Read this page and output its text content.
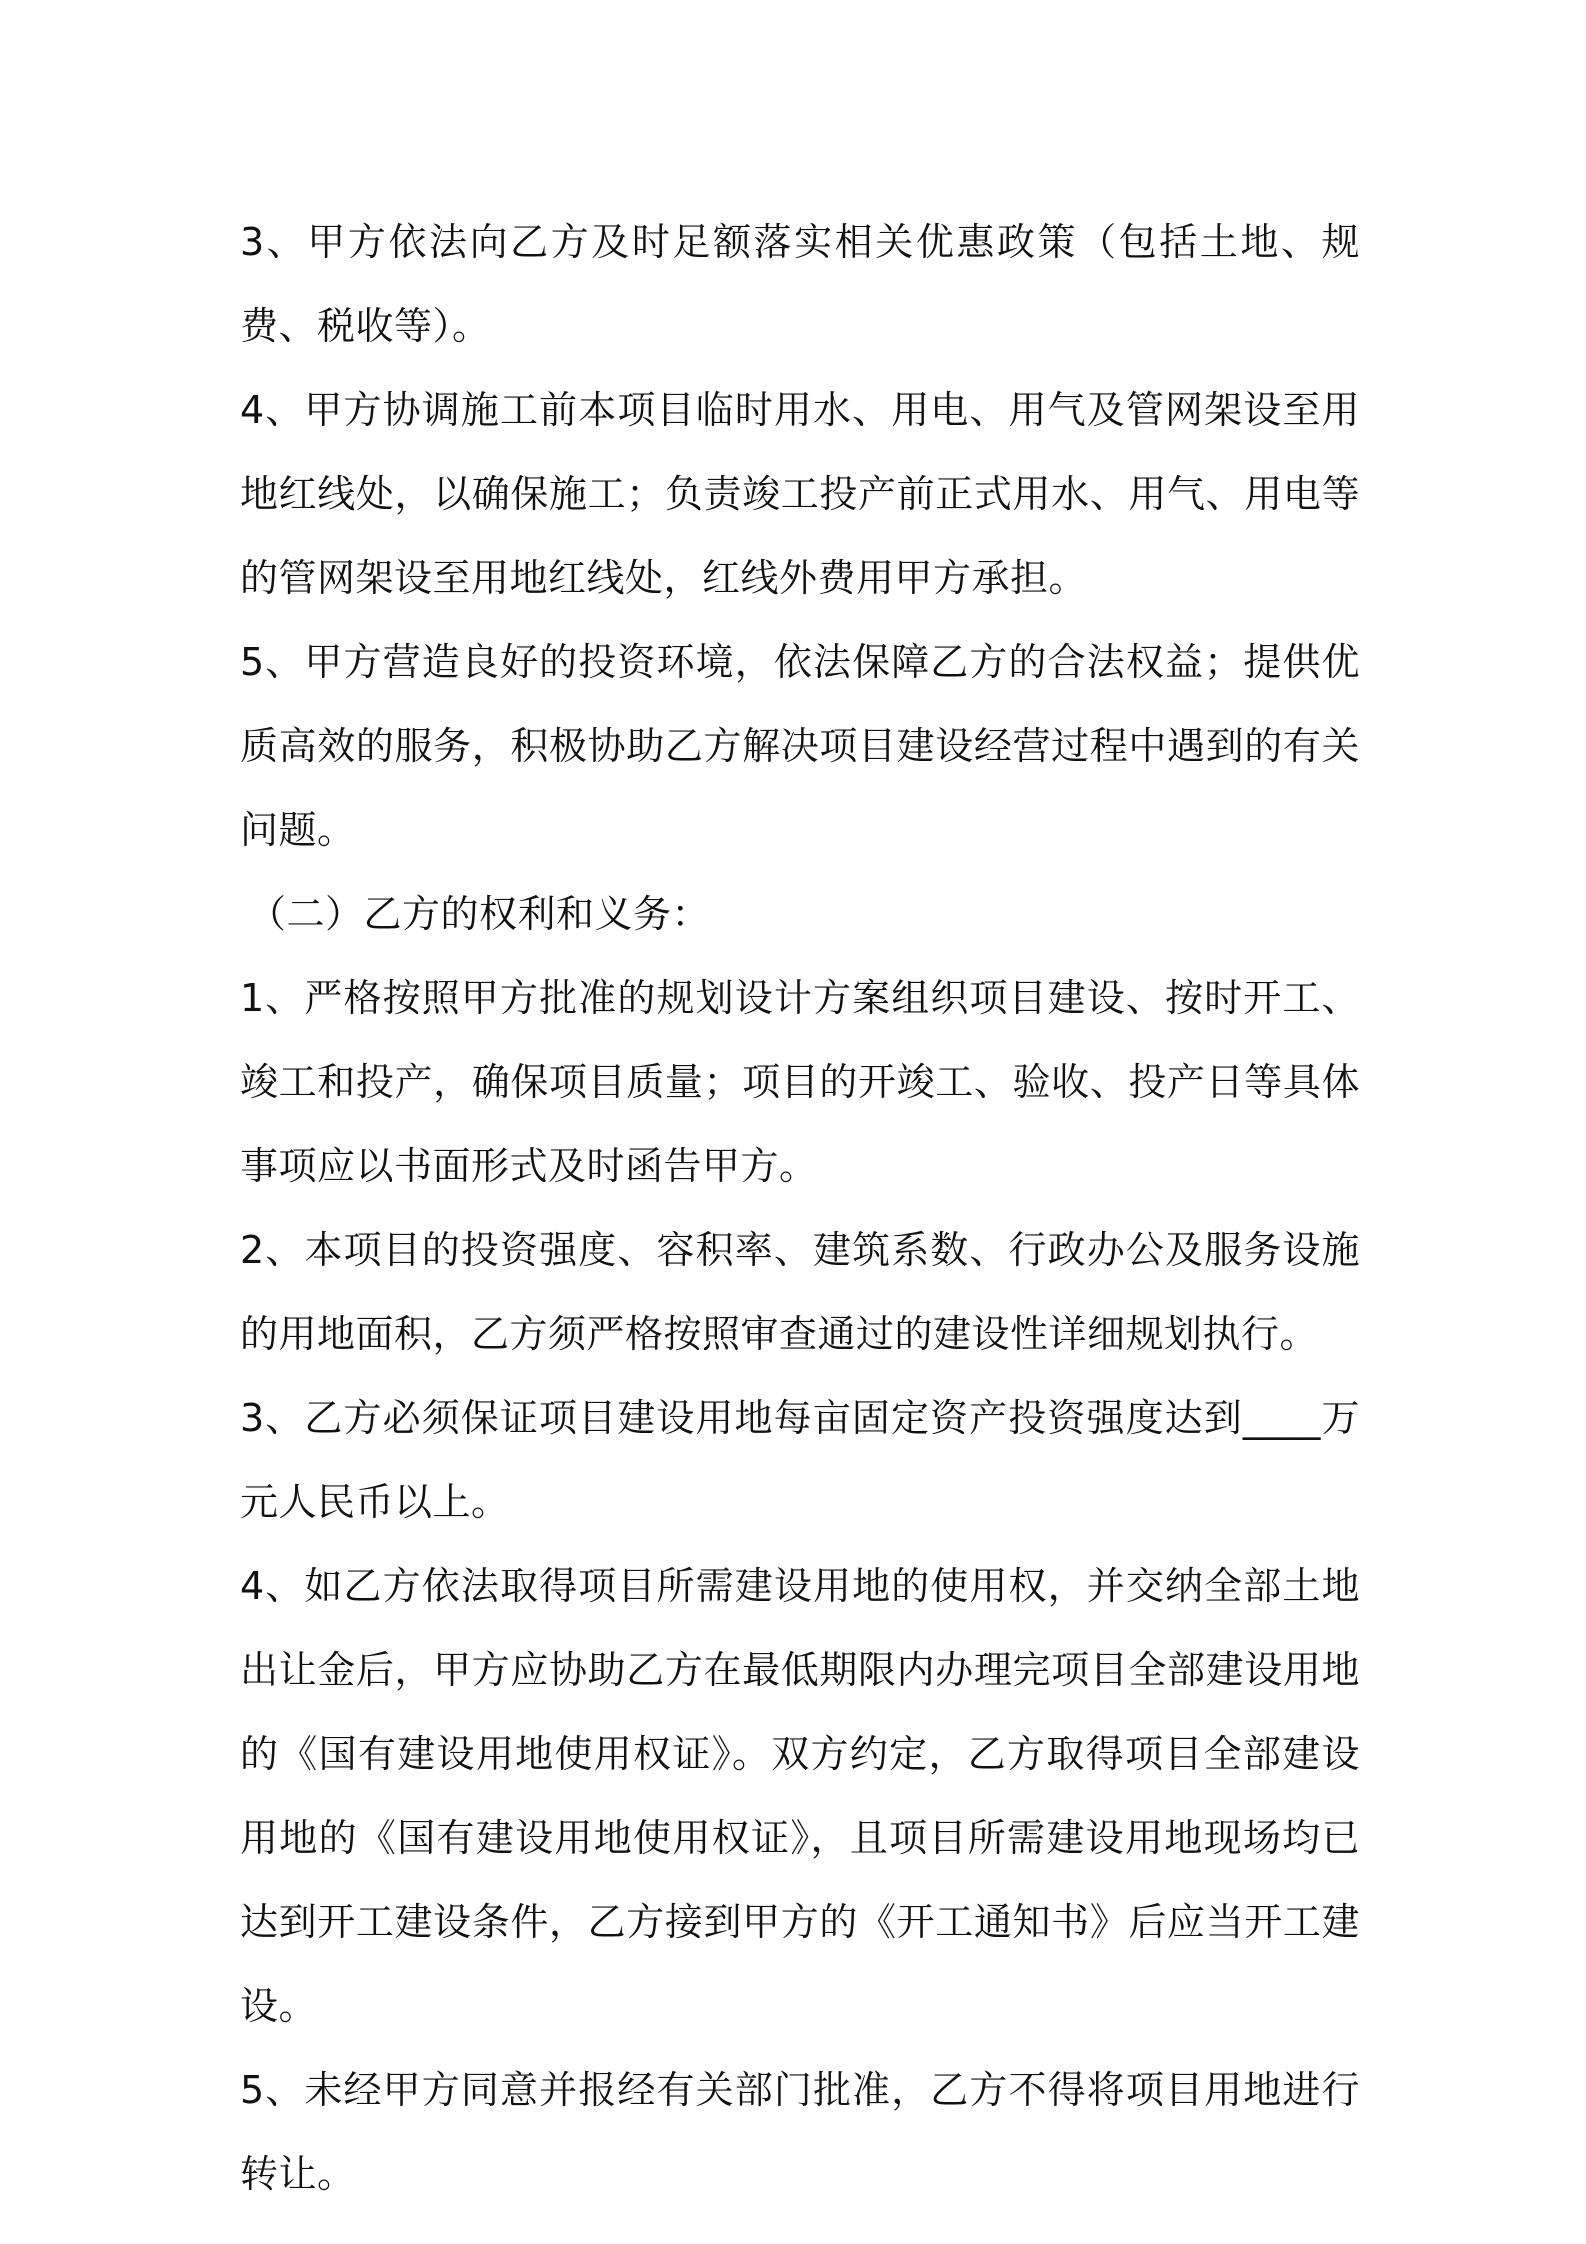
3、甲方依法向乙方及时足额落实相关优惠政策（包括土地、规费、税收等）。

4、甲方协调施工前本项目临时用水、用电、用气及管网架设至用地红线处，以确保施工；负责竣工投产前正式用水、用气、用电等的管网架设至用地红线处，红线外费用甲方承担。

5、甲方营造良好的投资环境，依法保障乙方的合法权益；提供优质高效的服务，积极协助乙方解决项目建设经营过程中遇到的有关问题。

（二）乙方的权利和义务：

1、严格按照甲方批准的规划设计方案组织项目建设、按时开工、竣工和投产，确保项目质量；项目的开竣工、验收、投产日等具体事项应以书面形式及时函告甲方。

2、本项目的投资强度、容积率、建筑系数、行政办公及服务设施的用地面积，乙方须严格按照审查通过的建设性详细规划执行。

3、乙方必须保证项目建设用地每亩固定资产投资强度达到____万元人民币以上。

4、如乙方依法取得项目所需建设用地的使用权，并交纳全部土地出让金后，甲方应协助乙方在最低期限内办理完项目全部建设用地的《国有建设用地使用权证》。双方约定，乙方取得项目全部建设用地的《国有建设用地使用权证》，且项目所需建设用地现场均已达到开工建设条件，乙方接到甲方的《开工通知书》后应当开工建设。

5、未经甲方同意并报经有关部门批准，乙方不得将项目用地进行转让。
